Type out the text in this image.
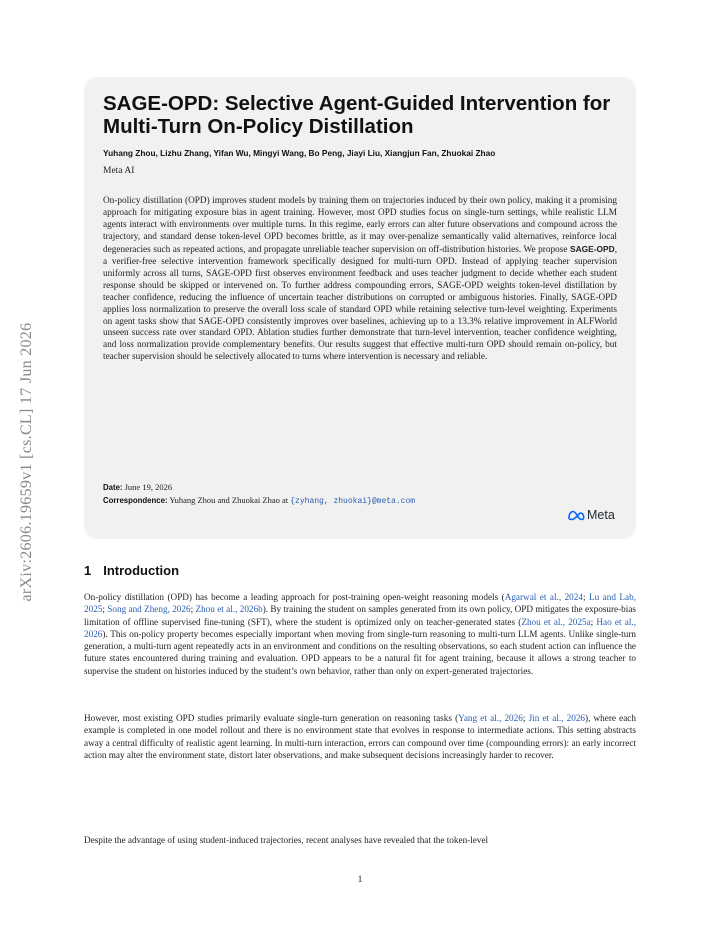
arXiv:2606.19659v1 [cs.CL] 17 Jun 2026
SAGE-OPD: Selective Agent-Guided Intervention for Multi-Turn On-Policy Distillation
Yuhang Zhou, Lizhu Zhang, Yifan Wu, Mingyi Wang, Bo Peng, Jiayi Liu, Xiangjun Fan, Zhuokai Zhao
Meta AI

On-policy distillation (OPD) improves student models by training them on trajectories induced by their own policy, making it a promising approach for mitigating exposure bias in agent training. However, most OPD studies focus on single-turn settings, while realistic LLM agents interact with environments over multiple turns. In this regime, early errors can alter future observations and compound across the trajectory, and standard dense token-level OPD becomes brittle, as it may over-penalize semantically valid alternatives, reinforce local degeneracies such as repeated actions, and propagate unreliable teacher supervision on off-distribution histories. We propose SAGE-OPD, a verifier-free selective intervention framework specifically designed for multi-turn OPD. Instead of applying teacher supervision uniformly across all turns, SAGE-OPD first observes environment feedback and uses teacher judgment to decide whether each student response should be skipped or intervened on. To further address compounding errors, SAGE-OPD weights token-level distillation by teacher confidence, reducing the influence of uncertain teacher distributions on corrupted or ambiguous histories. Finally, SAGE-OPD applies loss normalization to preserve the overall loss scale of standard OPD while retaining selective turn-level weighting. Experiments on agent tasks show that SAGE-OPD consistently improves over baselines, achieving up to a 13.3% relative improvement in ALFWorld unseen success rate over standard OPD. Ablation studies further demonstrate that turn-level intervention, teacher confidence weighting, and loss normalization provide complementary benefits. Our results suggest that effective multi-turn OPD should remain on-policy, but teacher supervision should be selectively allocated to turns where intervention is necessary and reliable.

Date: June 19, 2026
Correspondence: Yuhang Zhou and Zhuokai Zhao at {zyhang, zhuokai}@meta.com
Meta
1 Introduction

On-policy distillation (OPD) has become a leading approach for post-training open-weight reasoning models (Agarwal et al., 2024; Lu and Lab, 2025; Song and Zheng, 2026; Zhou et al., 2026b). By training the student on samples generated from its own policy, OPD mitigates the exposure-bias limitation of offline supervised fine-tuning (SFT), where the student is optimized only on teacher-generated states (Zhou et al., 2025a; Hao et al., 2026). This on-policy property becomes especially important when moving from single-turn reasoning to multi-turn LLM agents. Unlike single-turn generation, a multi-turn agent repeatedly acts in an environment and conditions on the resulting observations, so each student action can influence the future states encountered during training and evaluation. OPD appears to be a natural fit for agent training, because it allows a strong teacher to supervise the student on histories induced by the student’s own behavior, rather than only on expert-generated trajectories.

However, most existing OPD studies primarily evaluate single-turn generation on reasoning tasks (Yang et al., 2026; Jin et al., 2026), where each example is completed in one model rollout and there is no environment state that evolves in response to intermediate actions. This setting abstracts away a central difficulty of realistic agent learning. In multi-turn interaction, errors can compound over time (compounding errors): an early incorrect action may alter the environment state, distort later observations, and make subsequent decisions increasingly harder to recover.

Despite the advantage of using student-induced trajectories, recent analyses have revealed that the token-level

1
